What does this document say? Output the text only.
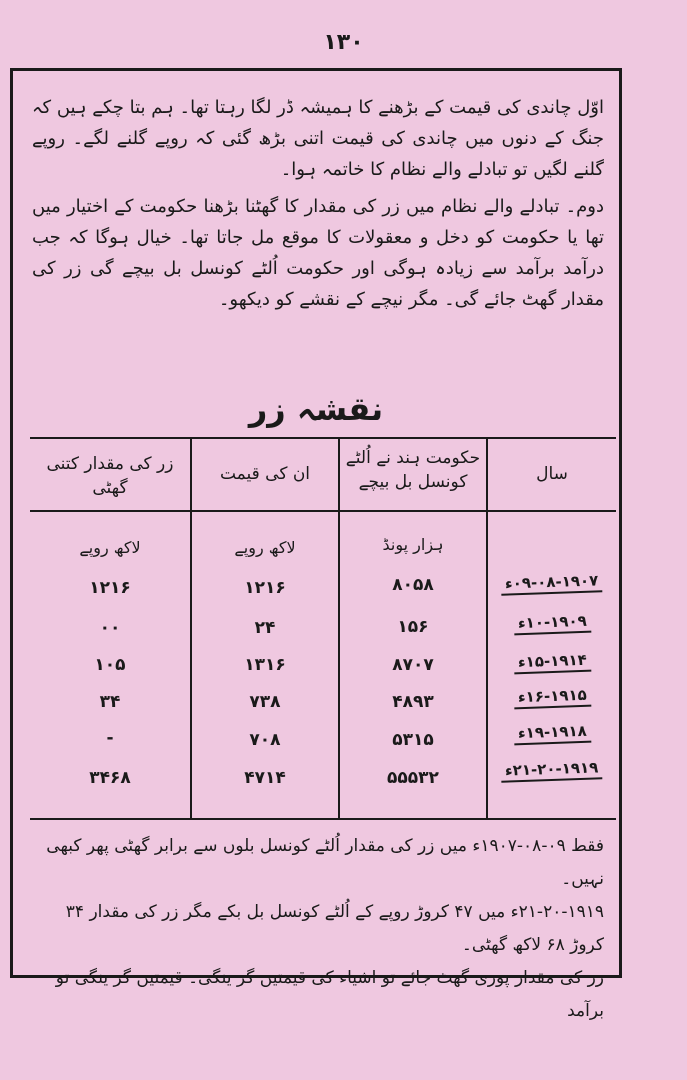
۱۳۰

اوّل چاندی کی قیمت کے بڑھنے کا ہمیشہ ڈر لگا رہتا تھا۔ ہم بتا چکے ہیں کہ جنگ کے دنوں میں چاندی کی قیمت اتنی بڑھ گئی کہ روپے گلنے لگے۔ روپے گلنے لگیں تو تبادلے والے نظام کا خاتمہ ہوا۔

دوم۔ تبادلے والے نظام میں زر کی مقدار کا گھٹنا بڑھنا حکومت کے اختیار میں تھا یا حکومت کو دخل و معقولات کا موقع مل جاتا تھا۔ خیال ہوگا کہ جب درآمد برآمد سے زیادہ ہوگی اور حکومت اُلٹے کونسل بل بیچے گی زر کی مقدار گھٹ جائے گی۔ مگر نیچے کے نقشے کو دیکھو۔

نقشہ زر
سال
حکومت ہند نے اُلٹے کونسل بل بیچے
ان کی قیمت
زر کی مقدار کتنی گھٹی
ہزار پونڈ
لاکھ روپے
لاکھ روپے
۰۹-۰۸-۱۹۰۷ء
۸۰۵۸
۱۲۱۶
۱۲۱۶
۱۰-۱۹۰۹ء
۱۵۶
۲۴
۰۰
۱۵-۱۹۱۴ء
۸۷۰۷
۱۳۱۶
۱۰۵
۱۶-۱۹۱۵ء
۴۸۹۳
۷۳۸
۳۴
۱۹-۱۹۱۸ء
۵۳۱۵
۷۰۸
-
۲۱-۲۰-۱۹۱۹ء
۵۵۵۳۲
۴۷۱۴
۳۴۶۸

فقط ۰۹-۰۸-۱۹۰۷ء میں زر کی مقدار اُلٹے کونسل بلوں سے برابر گھٹی پھر کبھی نہیں۔

۲۱-۲۰-۱۹۱۹ء میں ۴۷ کروڑ روپے کے اُلٹے کونسل بل بکے مگر زر کی مقدار ۳۴ کروڑ ۶۸ لاکھ گھٹی۔

زر کی مقدار پوری گھٹ جائے تو اشیاء کی قیمتیں گر ینگی۔ قیمتیں گر ینگی تو برآمد
